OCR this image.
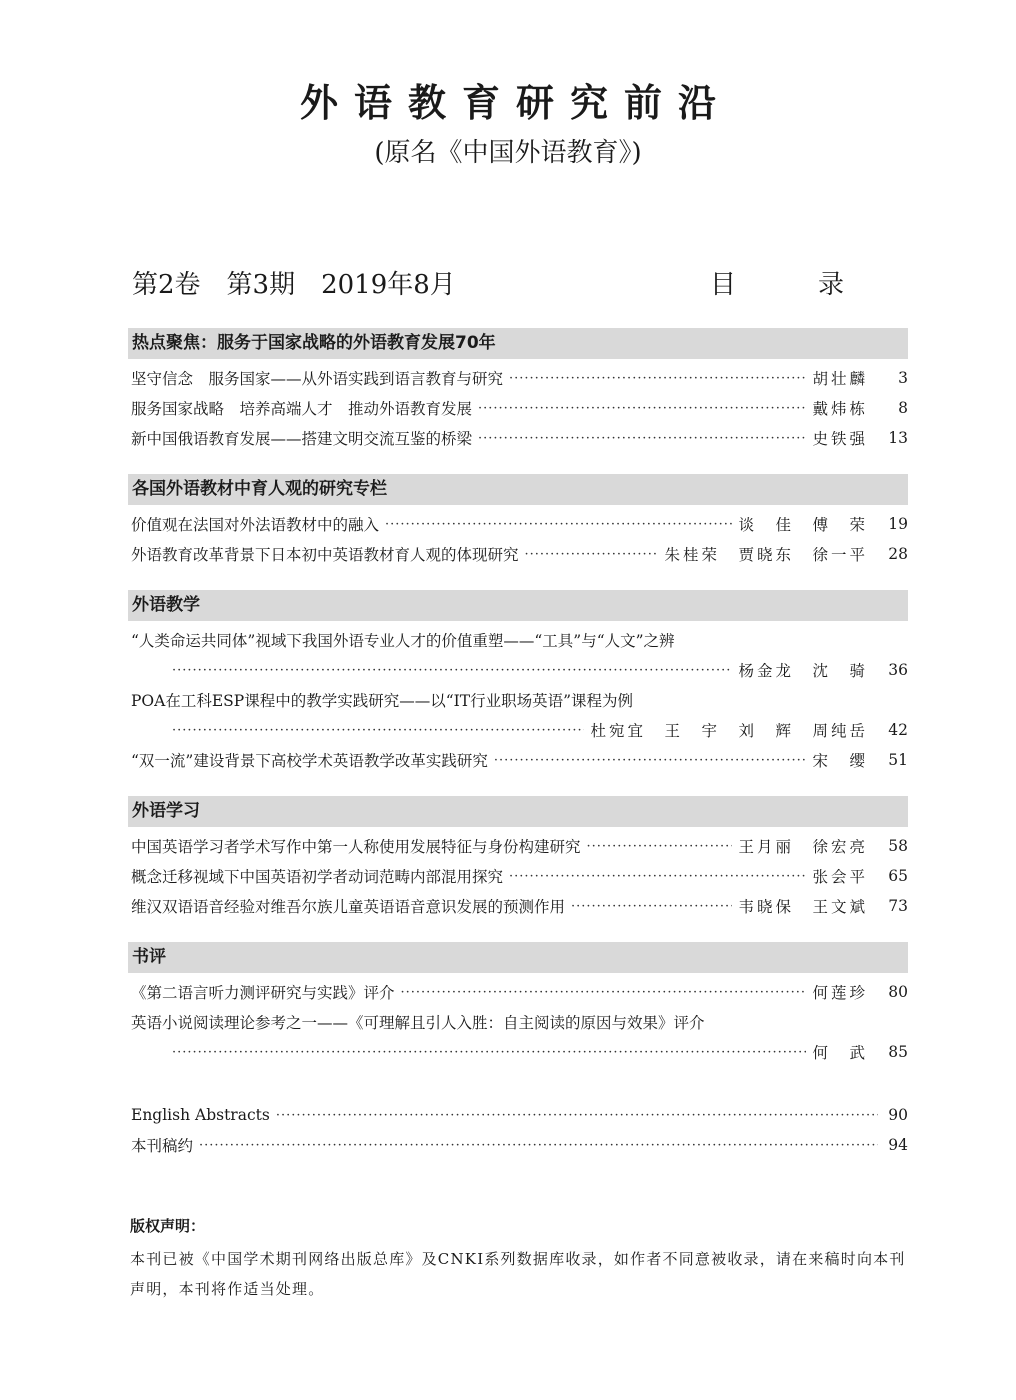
外语教育研究前沿
(原名《中国外语教育》)
第2卷 第3期 2019年8月	目　录
热点聚焦：服务于国家战略的外语教育发展70年
坚守信念　服务国家——从外语实践到语言教育与研究 ·····	胡壮麟	3
服务国家战略　培养高端人才　推动外语教育发展 ·····	戴炜栋	8
新中国俄语教育发展——搭建文明交流互鉴的桥梁 ·····	史铁强 13
各国外语教材中育人观的研究专栏
价值观在法国对外法语教材中的融入 ·····	谈　佳　傅　荣 19
外语教育改革背景下日本初中英语教材育人观的体现研究 ·····	朱桂荣　贾晓东　徐一平 28
外语教学
“人类命运共同体”视域下我国外语专业人才的价值重塑——“工具”与“人文”之辨
·····
杨金龙　沈　骑 36
POA在工科ESP课程中的教学实践研究——以“IT行业职场英语”课程为例
·····
杜宛宜　王　宇　刘　辉　周纯岳 42
“双一流”建设背景下高校学术英语教学改革实践研究 ·····	宋　缨 51
外语学习
中国英语学习者学术写作中第一人称使用发展特征与身份构建研究 ·····	王月丽　徐宏亮 58
概念迁移视域下中国英语初学者动词范畴内部混用探究 ·····	张会平 65
维汉双语语音经验对维吾尔族儿童英语语音意识发展的预测作用 ·····	韦晓保　王文斌 73
书评
《第二语言听力测评研究与实践》评介 ·····	何莲珍 80
英语小说阅读理论参考之一——《可理解且引人入胜：自主阅读的原因与效果》评介
·····
何　武 85
English Abstracts ·····	90
本刊稿约 ·····	94
版权声明：
本刊已被《中国学术期刊网络出版总库》及CNKI系列数据库收录，如作者不同意被收录，请在来稿时向本刊声明，本刊将作适当处理。
